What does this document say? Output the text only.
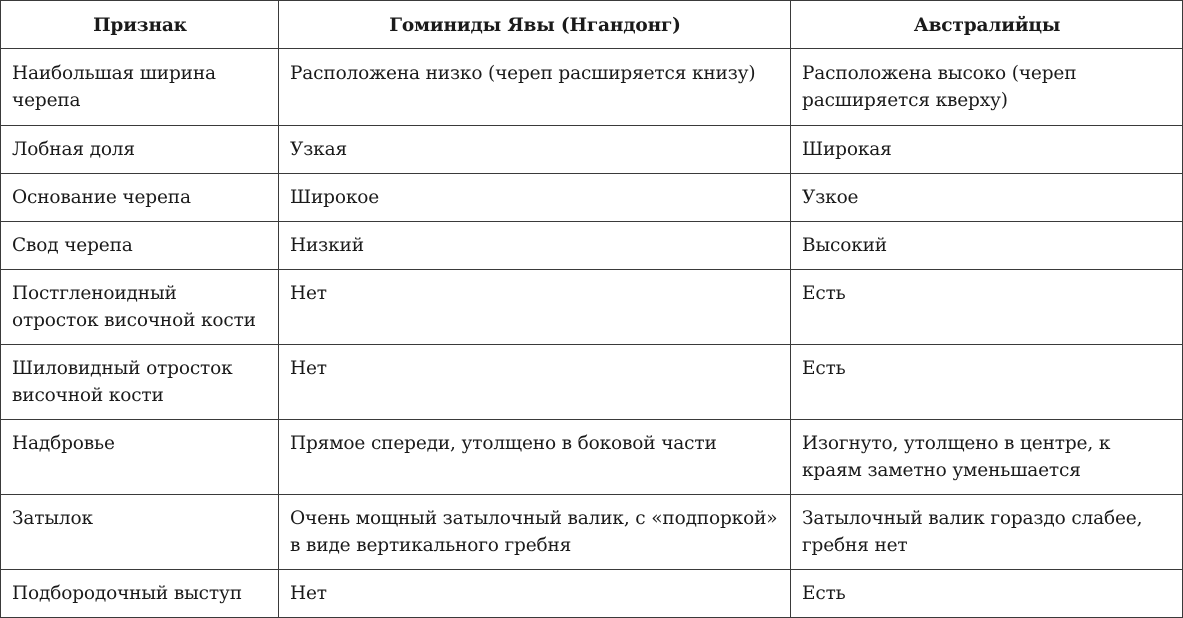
Признак	Гоминиды Явы (Нгандонг)	Австралийцы
Наибольшая ширина черепа	Расположена низко (череп расширяется книзу)	Расположена высоко (череп расширяется кверху)
Лобная доля	Узкая	Широкая
Основание черепа	Широкое	Узкое
Свод черепа	Низкий	Высокий
Постгленоидный отросток височной кости	Нет	Есть
Шиловидный отросток височной кости	Нет	Есть
Надбровье	Прямое спереди, утолщено в боковой части	Изогнуто, утолщено в центре, к краям заметно уменьшается
Затылок	Очень мощный затылочный валик, с «подпоркой» в виде вертикального гребня	Затылочный валик гораздо слабее, гребня нет
Подбородочный выступ	Нет	Есть
